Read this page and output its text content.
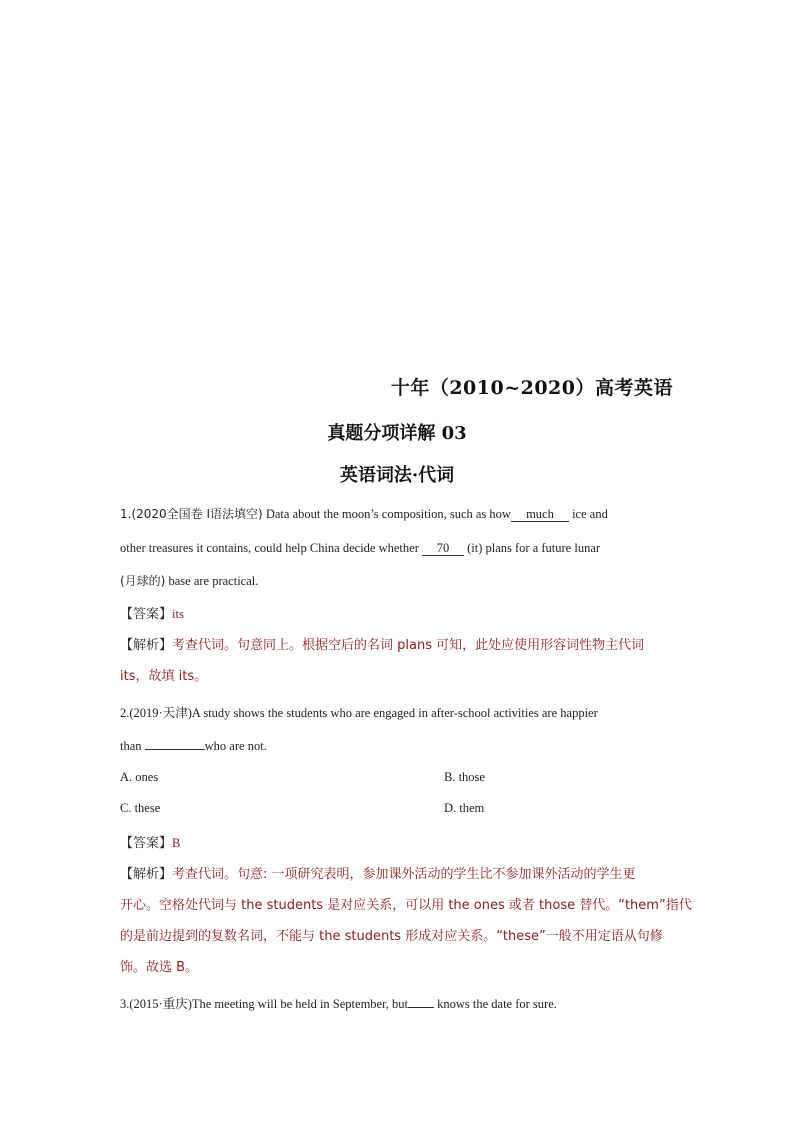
十年（2010~2020）高考英语
真题分项详解 03
英语词法·代词
1.(2020全国卷 I语法填空) Data about the moon’s composition, such as how much ice and
other treasures it contains, could help China decide whether 70 (it) plans for a future lunar
(月球的) base are practical.
【答案】its
【解析】考查代词。句意同上。根据空后的名词 plans 可知，此处应使用形容词性物主代词
its，故填 its。
2.(2019·天津)A study shows the students who are engaged in after-school activities are happier
than	who are not.
A. ones	B. those
C. these	D. them
【答案】B
【解析】考查代词。句意: 一项研究表明，参加课外活动的学生比不参加课外活动的学生更
开心。空格处代词与 the students 是对应关系，可以用 the ones 或者 those 替代。“them”指代
的是前边提到的复数名词，不能与 the students 形成对应关系。“these”一般不用定语从句修
饰。故选 B。
3.(2015·重庆)The meeting will be held in September, but knows the date for sure.
